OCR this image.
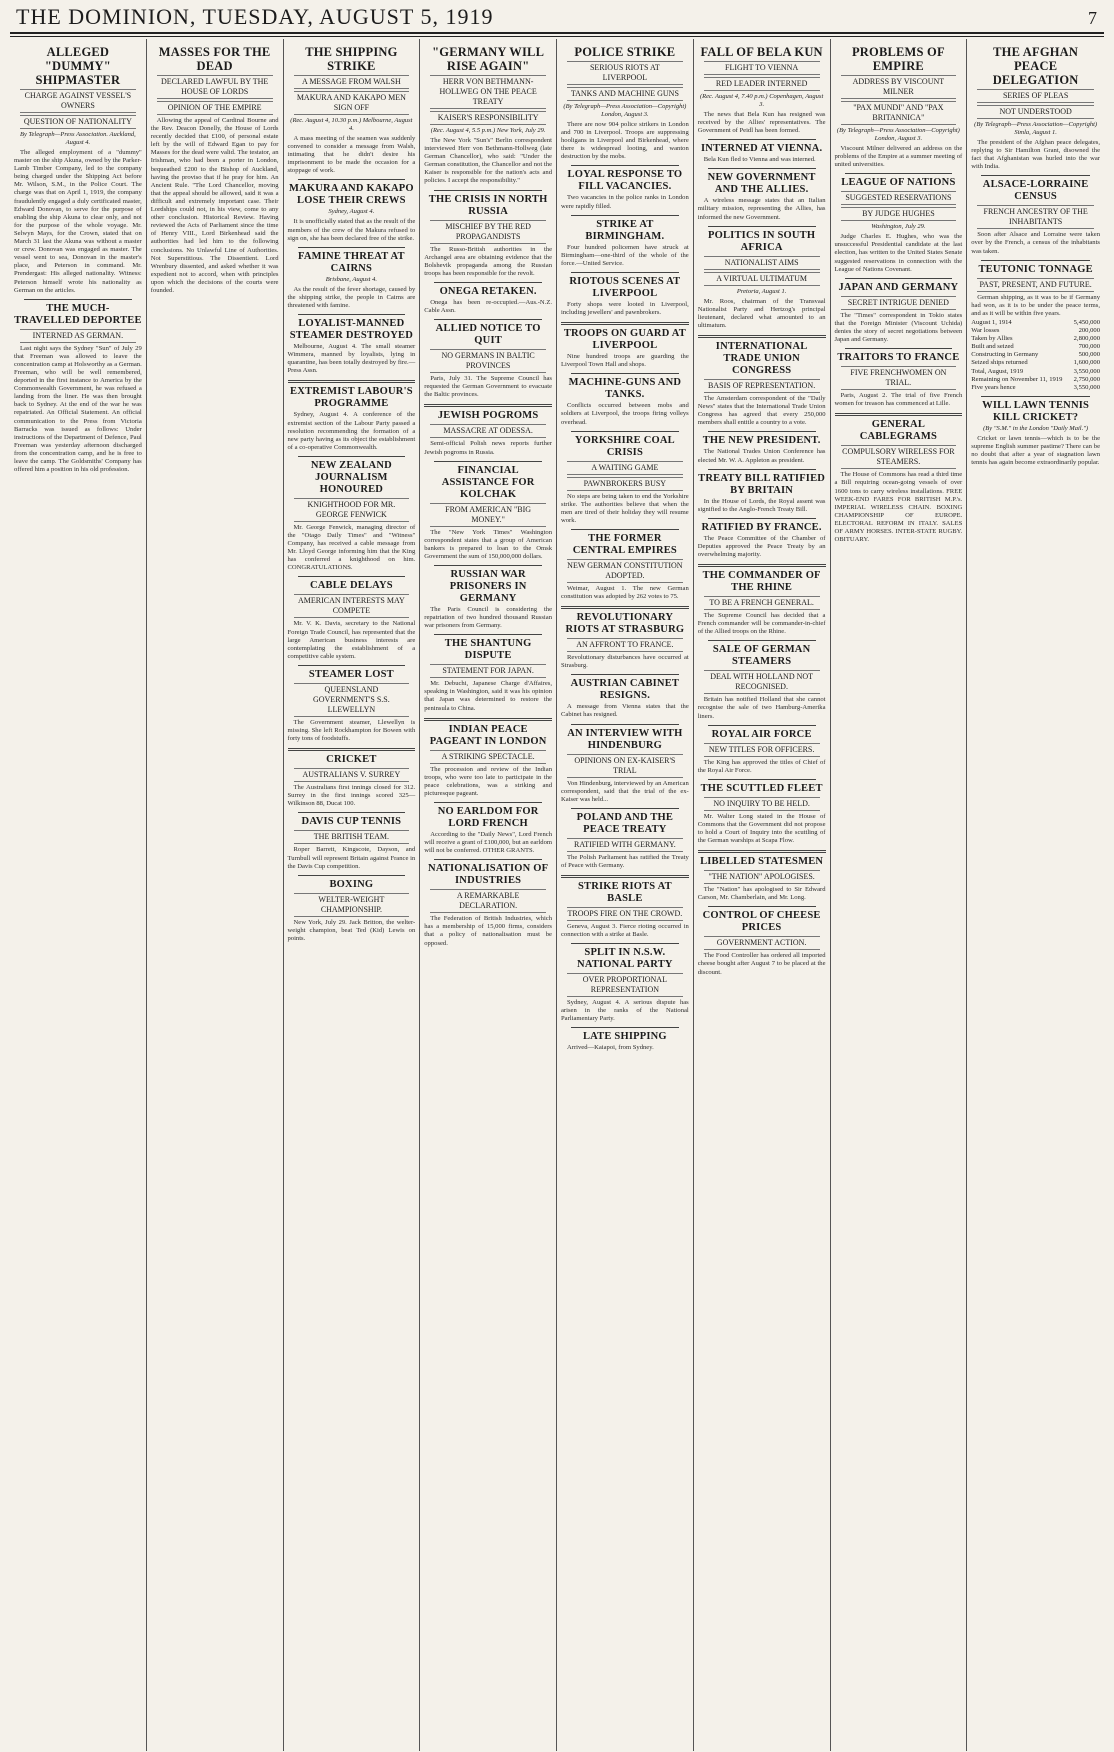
THE DOMINION, TUESDAY, AUGUST 5, 1919	7
ALLEGED "DUMMY" SHIPMASTER
CHARGE AGAINST VESSEL'S OWNERS
QUESTION OF NATIONALITY
By Telegraph—Press Association. Auckland, August 4.

The alleged employment of a "dummy" master on the ship Akuna, owned by the Parker-Lamb Timber Company, led to the company being charged under the Shipping Act before Mr. Wilson, S.M., in the Police Court. The charge was that on April 1, 1919, the company fraudulently engaged a duly certificated master, Edward Donovan, to serve for the purpose of enabling the ship Akuna to clear only, and not for the purpose of the whole voyage. Mr. Selwyn Mays, for the Crown, stated that on March 31 last the Akuna was without a master or crew. Donovan was engaged as master. The vessel went to sea, Donovan in the master's place, and Peterson in command. Mr. Prendergast: His alleged nationality. Witness: Peterson himself wrote his nationality as German on the articles.

THE MUCH-TRAVELLED DEPORTEE
INTERNED AS GERMAN.

Last night says the Sydney "Sun" of July 29 that Freeman was allowed to leave the concentration camp at Holsworthy as a German. Freeman, who will be well remembered, deported in the first instance to America by the Commonwealth Government, he was refused a landing from the liner. He was then brought back to Sydney. At the end of the war he was repatriated. An Official Statement. An official communication to the Press from Victoria Barracks was issued as follows: Under instructions of the Department of Defence, Paul Freeman was yesterday afternoon discharged from the concentration camp, and he is free to leave the camp. The Goldsmiths' Company has offered him a position in his old profession.

MASSES FOR THE DEAD
DECLARED LAWFUL BY THE HOUSE OF LORDS
OPINION OF THE EMPIRE

Allowing the appeal of Cardinal Bourne and the Rev. Deacon Donelly, the House of Lords recently decided that £100, of personal estate left by the will of Edward Egan to pay for Masses for the dead were valid. The testator, an Irishman, who had been a porter in London, bequeathed £200 to the Bishop of Auckland, having the proviso that if he pray for him. An Ancient Rule. "The Lord Chancellor, moving that the appeal should be allowed, said it was a difficult and extremely important case. Their Lordships could not, in his view, come to any other conclusion. Historical Review. Having reviewed the Acts of Parliament since the time of Henry VIII., Lord Birkenhead said the authorities had led him to the following conclusions. No Unlawful Line of Authorities. Not Superstitious. The Dissentient. Lord Wrenbury dissented, and asked whether it was expedient not to accord, when with principles upon which the decisions of the courts were founded.

THE SHIPPING STRIKE
A MESSAGE FROM WALSH
MAKURA AND KAKAPO MEN SIGN OFF
(Rec. August 4, 10.30 p.m.) Melbourne, August 4.

A mass meeting of the seamen was suddenly convened to consider a message from Walsh, intimating that he didn't desire his imprisonment to be made the occasion for a stoppage of work.

MAKURA AND KAKAPO LOSE THEIR CREWS
Sydney, August 4.

It is unofficially stated that as the result of the members of the crew of the Makura refused to sign on, she has been declared free of the strike.

FAMINE THREAT AT CAIRNS
Brisbane, August 4.

As the result of the fever shortage, caused by the shipping strike, the people in Cairns are threatened with famine.

LOYALIST-MANNED STEAMER DESTROYED

Melbourne, August 4. The small steamer Wimmera, manned by loyalists, lying in quarantine, has been totally destroyed by fire.—Press Assn.

EXTREMIST LABOUR'S PROGRAMME

Sydney, August 4. A conference of the extremist section of the Labour Party passed a resolution recommending the formation of a new party having as its object the establishment of a co-operative Commonwealth.

NEW ZEALAND JOURNALISM HONOURED
KNIGHTHOOD FOR MR. GEORGE FENWICK

Mr. George Fenwick, managing director of the "Otago Daily Times" and "Witness" Company, has received a cable message from Mr. Lloyd George informing him that the King has conferred a knighthood on him. CONGRATULATIONS.

CABLE DELAYS
AMERICAN INTERESTS MAY COMPETE

Mr. V. K. Davis, secretary to the National Foreign Trade Council, has represented that the large American business interests are contemplating the establishment of a competitive cable system.

STEAMER LOST
QUEENSLAND GOVERNMENT'S S.S. LLEWELLYN

The Government steamer, Llewellyn is missing. She left Rockhampton for Bowen with forty tons of foodstuffs.

CRICKET
AUSTRALIANS V. SURREY

The Australians first innings closed for 312. Surrey in the first innings scored 325—Wilkinson 88, Ducat 100.

DAVIS CUP TENNIS
THE BRITISH TEAM.

Roper Barrett, Kingscote, Dayson, and Turnbull will represent Britain against France in the Davis Cup competition.

BOXING
WELTER-WEIGHT CHAMPIONSHIP.

New York, July 29. Jack Britton, the welter-weight champion, beat Ted (Kid) Lewis on points.

"GERMANY WILL RISE AGAIN"
HERR VON BETHMANN-HOLLWEG ON THE PEACE TREATY
KAISER'S RESPONSIBILITY
(Rec. August 4, 5.5 p.m.) New York, July 29.

The New York "Sun's" Berlin correspondent interviewed Herr von Bethmann-Hollweg (late German Chancellor), who said: "Under the German constitution, the Chancellor and not the Kaiser is responsible for the nation's acts and policies. I accept the responsibility."

THE CRISIS IN NORTH RUSSIA
MISCHIEF BY THE RED PROPAGANDISTS

The Russo-British authorities in the Archangel area are obtaining evidence that the Bolshevik propaganda among the Russian troops has been responsible for the revolt.

ONEGA RETAKEN.

Onega has been re-occupied.—Aus.-N.Z. Cable Assn.

ALLIED NOTICE TO QUIT
NO GERMANS IN BALTIC PROVINCES

Paris, July 31. The Supreme Council has requested the German Government to evacuate the Baltic provinces.

JEWISH POGROMS
MASSACRE AT ODESSA.

Semi-official Polish news reports further Jewish pogroms in Russia.

FINANCIAL ASSISTANCE FOR KOLCHAK
FROM AMERICAN "BIG MONEY."

The "New York Times" Washington correspondent states that a group of American bankers is prepared to loan to the Omsk Government the sum of 150,000,000 dollars.

RUSSIAN WAR PRISONERS IN GERMANY

The Paris Council is considering the repatriation of two hundred thousand Russian war prisoners from Germany.

THE SHANTUNG DISPUTE
STATEMENT FOR JAPAN.

Mr. Debuchi, Japanese Charge d'Affaires, speaking in Washington, said it was his opinion that Japan was determined to restore the peninsula to China.

INDIAN PEACE PAGEANT IN LONDON
A STRIKING SPECTACLE.

The procession and review of the Indian troops, who were too late to participate in the peace celebrations, was a striking and picturesque pageant.

NO EARLDOM FOR LORD FRENCH

According to the "Daily News", Lord French will receive a grant of £100,000, but an earldom will not be conferred. OTHER GRANTS.

NATIONALISATION OF INDUSTRIES
A REMARKABLE DECLARATION.

The Federation of British Industries, which has a membership of 15,000 firms, considers that a policy of nationalisation must be opposed.

POLICE STRIKE
SERIOUS RIOTS AT LIVERPOOL
TANKS AND MACHINE GUNS
(By Telegraph—Press Association—Copyright) London, August 3.

There are now 904 police strikers in London and 700 in Liverpool. Troops are suppressing hooligans in Liverpool and Birkenhead, where there is widespread looting, and wanton destruction by the mobs.

LOYAL RESPONSE TO FILL VACANCIES.

Two vacancies in the police ranks in London were rapidly filled.

STRIKE AT BIRMINGHAM.

Four hundred policemen have struck at Birmingham—one-third of the whole of the force.—United Service.

RIOTOUS SCENES AT LIVERPOOL

Forty shops were looted in Liverpool, including jewellers' and pawnbrokers.

TROOPS ON GUARD AT LIVERPOOL

Nine hundred troops are guarding the Liverpool Town Hall and shops.

MACHINE-GUNS AND TANKS.

Conflicts occurred between mobs and soldiers at Liverpool, the troops firing volleys overhead.

YORKSHIRE COAL CRISIS
A WAITING GAME
PAWNBROKERS BUSY

No steps are being taken to end the Yorkshire strike. The authorities believe that when the men are tired of their holiday they will resume work.

THE FORMER CENTRAL EMPIRES
NEW GERMAN CONSTITUTION ADOPTED.

Weimar, August 1. The new German constitution was adopted by 262 votes to 75.

REVOLUTIONARY RIOTS AT STRASBURG
AN AFFRONT TO FRANCE.

Revolutionary disturbances have occurred at Strasburg.

AUSTRIAN CABINET RESIGNS.

A message from Vienna states that the Cabinet has resigned.

AN INTERVIEW WITH HINDENBURG
OPINIONS ON EX-KAISER'S TRIAL

Von Hindenburg, interviewed by an American correspondent, said that the trial of the ex-Kaiser was held...

POLAND AND THE PEACE TREATY
RATIFIED WITH GERMANY.

The Polish Parliament has ratified the Treaty of Peace with Germany.

STRIKE RIOTS AT BASLE
TROOPS FIRE ON THE CROWD.

Geneva, August 3. Fierce rioting occurred in connection with a strike at Basle.

SPLIT IN N.S.W. NATIONAL PARTY
OVER PROPORTIONAL REPRESENTATION

Sydney, August 4. A serious dispute has arisen in the ranks of the National Parliamentary Party.

LATE SHIPPING

Arrived—Kaiapoi, from Sydney.

FALL OF BELA KUN
FLIGHT TO VIENNA
RED LEADER INTERNED
(Rec. August 4, 7.40 p.m.) Copenhagen, August 3.

The news that Bela Kun has resigned was received by the Allies' representatives. The Government of Peidl has been formed.

INTERNED AT VIENNA.

Bela Kun fled to Vienna and was interned.

NEW GOVERNMENT AND THE ALLIES.

A wireless message states that an Italian military mission, representing the Allies, has informed the new Government.

POLITICS IN SOUTH AFRICA
NATIONALIST AIMS
A VIRTUAL ULTIMATUM
Pretoria, August 1.

Mr. Roos, chairman of the Transvaal Nationalist Party and Hertzog's principal lieutenant, declared what amounted to an ultimatum.

INTERNATIONAL TRADE UNION CONGRESS
BASIS OF REPRESENTATION.

The Amsterdam correspondent of the "Daily News" states that the International Trade Union Congress has agreed that every 250,000 members shall entitle a country to a vote.

THE NEW PRESIDENT.

The National Trades Union Conference has elected Mr. W. A. Appleton as president.

TREATY BILL RATIFIED BY BRITAIN

In the House of Lords, the Royal assent was signified to the Anglo-French Treaty Bill.

RATIFIED BY FRANCE.

The Peace Committee of the Chamber of Deputies approved the Peace Treaty by an overwhelming majority.

THE COMMANDER OF THE RHINE
TO BE A FRENCH GENERAL.

The Supreme Council has decided that a French commander will be commander-in-chief of the Allied troops on the Rhine.

SALE OF GERMAN STEAMERS
DEAL WITH HOLLAND NOT RECOGNISED.

Britain has notified Holland that she cannot recognise the sale of two Hamburg-Amerika liners.

ROYAL AIR FORCE
NEW TITLES FOR OFFICERS.

The King has approved the titles of Chief of the Royal Air Force.

THE SCUTTLED FLEET
NO INQUIRY TO BE HELD.

Mr. Walter Long stated in the House of Commons that the Government did not propose to hold a Court of Inquiry into the scuttling of the German warships at Scapa Flow.

LIBELLED STATESMEN
"THE NATION" APOLOGISES.

The "Nation" has apologised to Sir Edward Carson, Mr. Chamberlain, and Mr. Long.

CONTROL OF CHEESE PRICES
GOVERNMENT ACTION.

The Food Controller has ordered all imported cheese bought after August 7 to be placed at the discount.

PROBLEMS OF EMPIRE
ADDRESS BY VISCOUNT MILNER
"PAX MUNDI" AND "PAX BRITANNICA"
(By Telegraph—Press Association—Copyright) London, August 3.

Viscount Milner delivered an address on the problems of the Empire at a summer meeting of united universities.

LEAGUE OF NATIONS
SUGGESTED RESERVATIONS
BY JUDGE HUGHES
Washington, July 29.

Judge Charles E. Hughes, who was the unsuccessful Presidential candidate at the last election, has written to the United States Senate suggested reservations in connection with the League of Nations Covenant.

JAPAN AND GERMANY
SECRET INTRIGUE DENIED

The "Times" correspondent in Tokio states that the Foreign Minister (Viscount Uchida) denies the story of secret negotiations between Japan and Germany.

TRAITORS TO FRANCE
FIVE FRENCHWOMEN ON TRIAL.

Paris, August 2. The trial of five French women for treason has commenced at Lille.

GENERAL CABLEGRAMS
COMPULSORY WIRELESS FOR STEAMERS.

The House of Commons has read a third time a Bill requiring ocean-going vessels of over 1600 tons to carry wireless installations. FREE WEEK-END FARES FOR BRITISH M.P.'s. IMPERIAL WIRELESS CHAIN. BOXING CHAMPIONSHIP OF EUROPE. ELECTORAL REFORM IN ITALY. SALES OF ARMY HORSES. INTER-STATE RUGBY. OBITUARY.

THE AFGHAN PEACE DELEGATION
SERIES OF PLEAS
NOT UNDERSTOOD
(By Telegraph—Press Association—Copyright) Simla, August 1.

The president of the Afghan peace delegates, replying to Sir Hamilton Grant, disowned the fact that Afghanistan was hurled into the war with India.

ALSACE-LORRAINE CENSUS
FRENCH ANCESTRY OF THE INHABITANTS

Soon after Alsace and Lorraine were taken over by the French, a census of the inhabitants was taken.

TEUTONIC TONNAGE
PAST, PRESENT, AND FUTURE.

German shipping, as it was to be if Germany had won, as it is to be under the peace terms, and as it will be within five years.

August 1, 1914	5,450,000
War losses	200,000
Taken by Allies	2,800,000
Built and seized	700,000
Constructing in Germany	500,000
Seized ships returned	1,600,000
Total, August, 1919	3,550,000
Remaining on November 11, 1919	2,750,000
Five years hence	3,550,000
WILL LAWN TENNIS KILL CRICKET?
(By "S.M." in the London "Daily Mail.")

Cricket or lawn tennis—which is to be the supreme English summer pastime? There can be no doubt that after a year of stagnation lawn tennis has again become extraordinarily popular.
